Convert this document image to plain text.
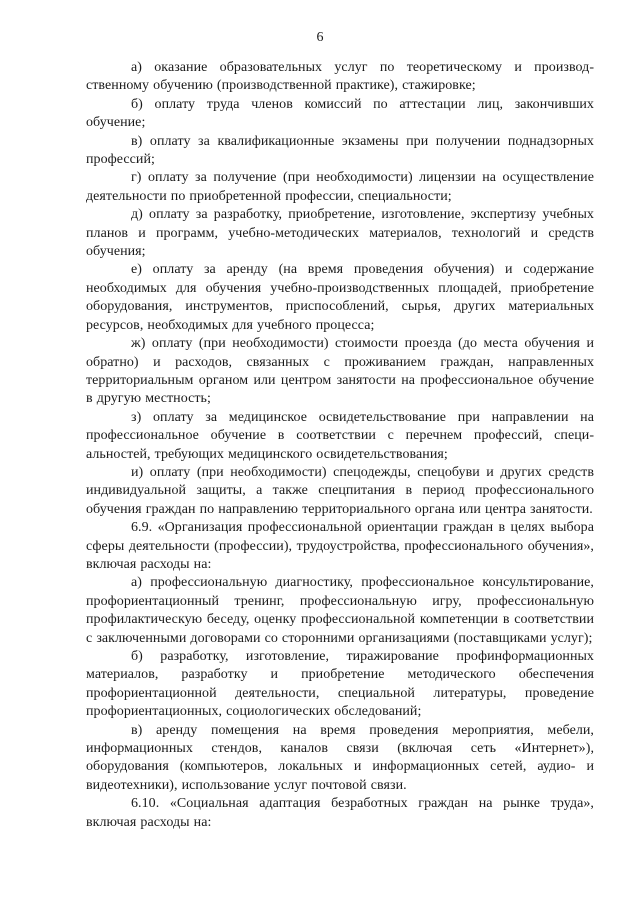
6

а) оказание образовательных услуг по теоретическому и производственному обучению (производственной практике), стажировке;

б) оплату труда членов комиссий по аттестации лиц, закончивших обучение;

в) оплату за квалификационные экзамены при получении поднадзорных профессий;

г) оплату за получение (при необходимости) лицензии на осуществление деятельности по приобретенной профессии, специальности;

д) оплату за разработку, приобретение, изготовление, экспертизу учебных планов и программ, учебно-методических материалов, технологий и средств обучения;

е) оплату за аренду (на время проведения обучения) и содержание необходимых для обучения учебно-производственных площадей, приобретение оборудования, инструментов, приспособлений, сырья, других материальных ресурсов, необходимых для учебного процесса;

ж) оплату (при необходимости) стоимости проезда (до места обучения и обратно) и расходов, связанных с проживанием граждан, направленных территориальным органом или центром занятости на профессиональное обучение в другую местность;

з) оплату за медицинское освидетельствование при направлении на профессиональное обучение в соответствии с перечнем профессий, специальностей, требующих медицинского освидетельствования;

и) оплату (при необходимости) спецодежды, спецобуви и других средств индивидуальной защиты, а также спецпитания в период профессионального обучения граждан по направлению территориального органа или центра занятости.

6.9. «Организация профессиональной ориентации граждан в целях выбора сферы деятельности (профессии), трудоустройства, профессионального обучения», включая расходы на:

а) профессиональную диагностику, профессиональное консультирование, профориентационный тренинг, профессиональную игру, профессиональную профилактическую беседу, оценку профессиональной компетенции в соответствии с заключенными договорами со сторонними организациями (поставщиками услуг);

б) разработку, изготовление, тиражирование профинформационных материалов, разработку и приобретение методического обеспечения профориентационной деятельности, специальной литературы, проведение профориентационных, социологических обследований;

в) аренду помещения на время проведения мероприятия, мебели, информационных стендов, каналов связи (включая сеть «Интернет»), оборудования (компьютеров, локальных и информационных сетей, аудио- и видеотехники), использование услуг почтовой связи.

6.10. «Социальная адаптация безработных граждан на рынке труда», включая расходы на:
